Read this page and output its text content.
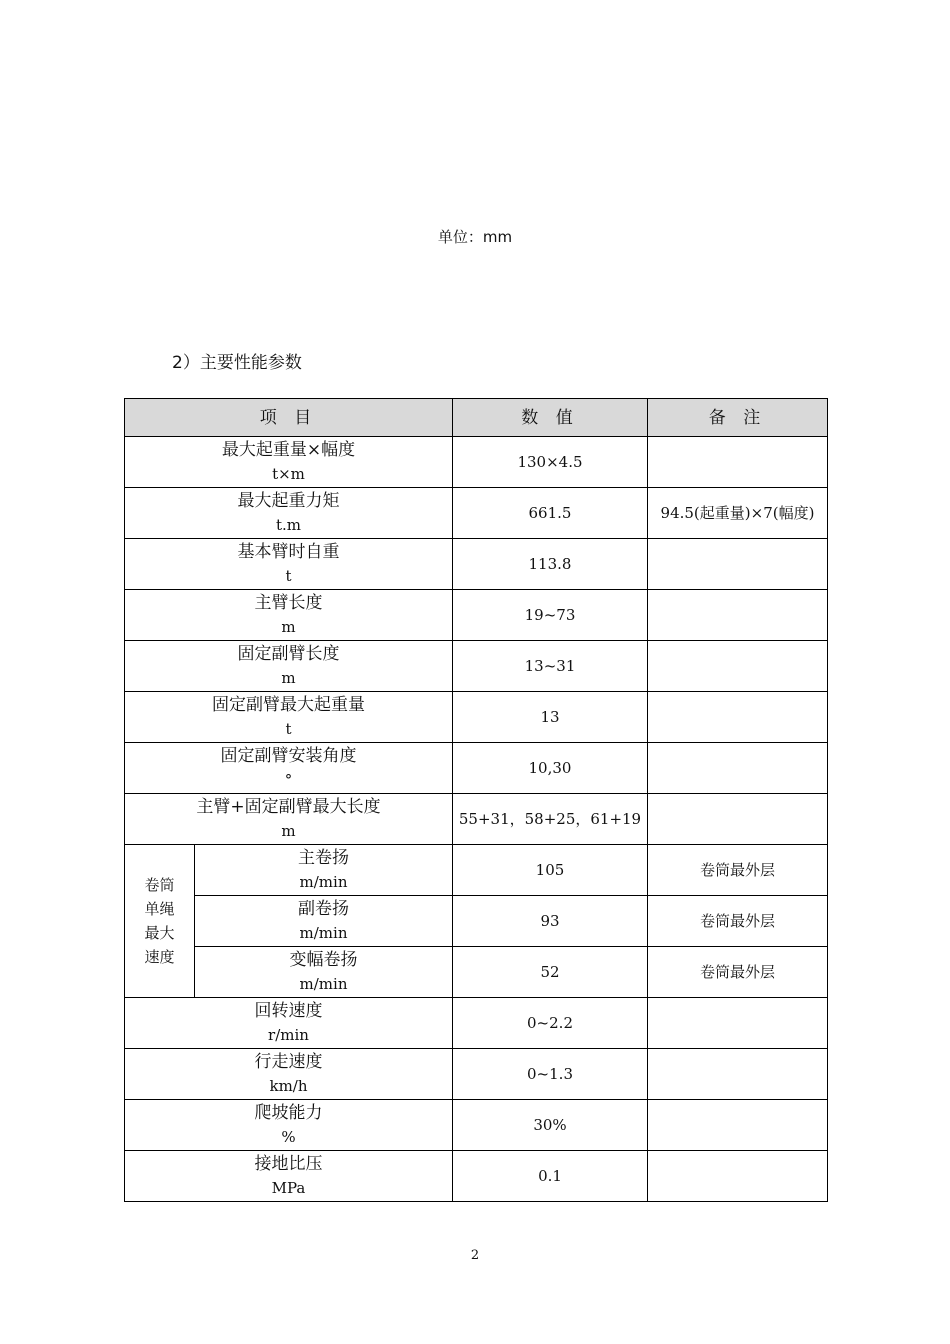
单位：mm
2）主要性能参数
项 目		数 值	备 注

最大起重量×幅度
t×m		130×4.5	

最大起重力矩
t.m		661.5	94.5(起重量)×7(幅度)

基本臂时自重
t		113.8	

主臂长度
m		19~73	

固定副臂长度
m		13~31	

固定副臂最大起重量
t		13	

固定副臂安装角度
°		10,30	

主臂+固定副臂最大长度
m		55+31，58+25，61+19	

卷筒
单绳
最大
速度	主卷扬
m/min	105	卷筒最外层

	副卷扬
m/min	93	卷筒最外层

	变幅卷扬
m/min	52	卷筒最外层

回转速度
r/min		0~2.2	

行走速度
km/h		0~1.3	

爬坡能力
%		30%	

接地比压
MPa		0.1	
2
